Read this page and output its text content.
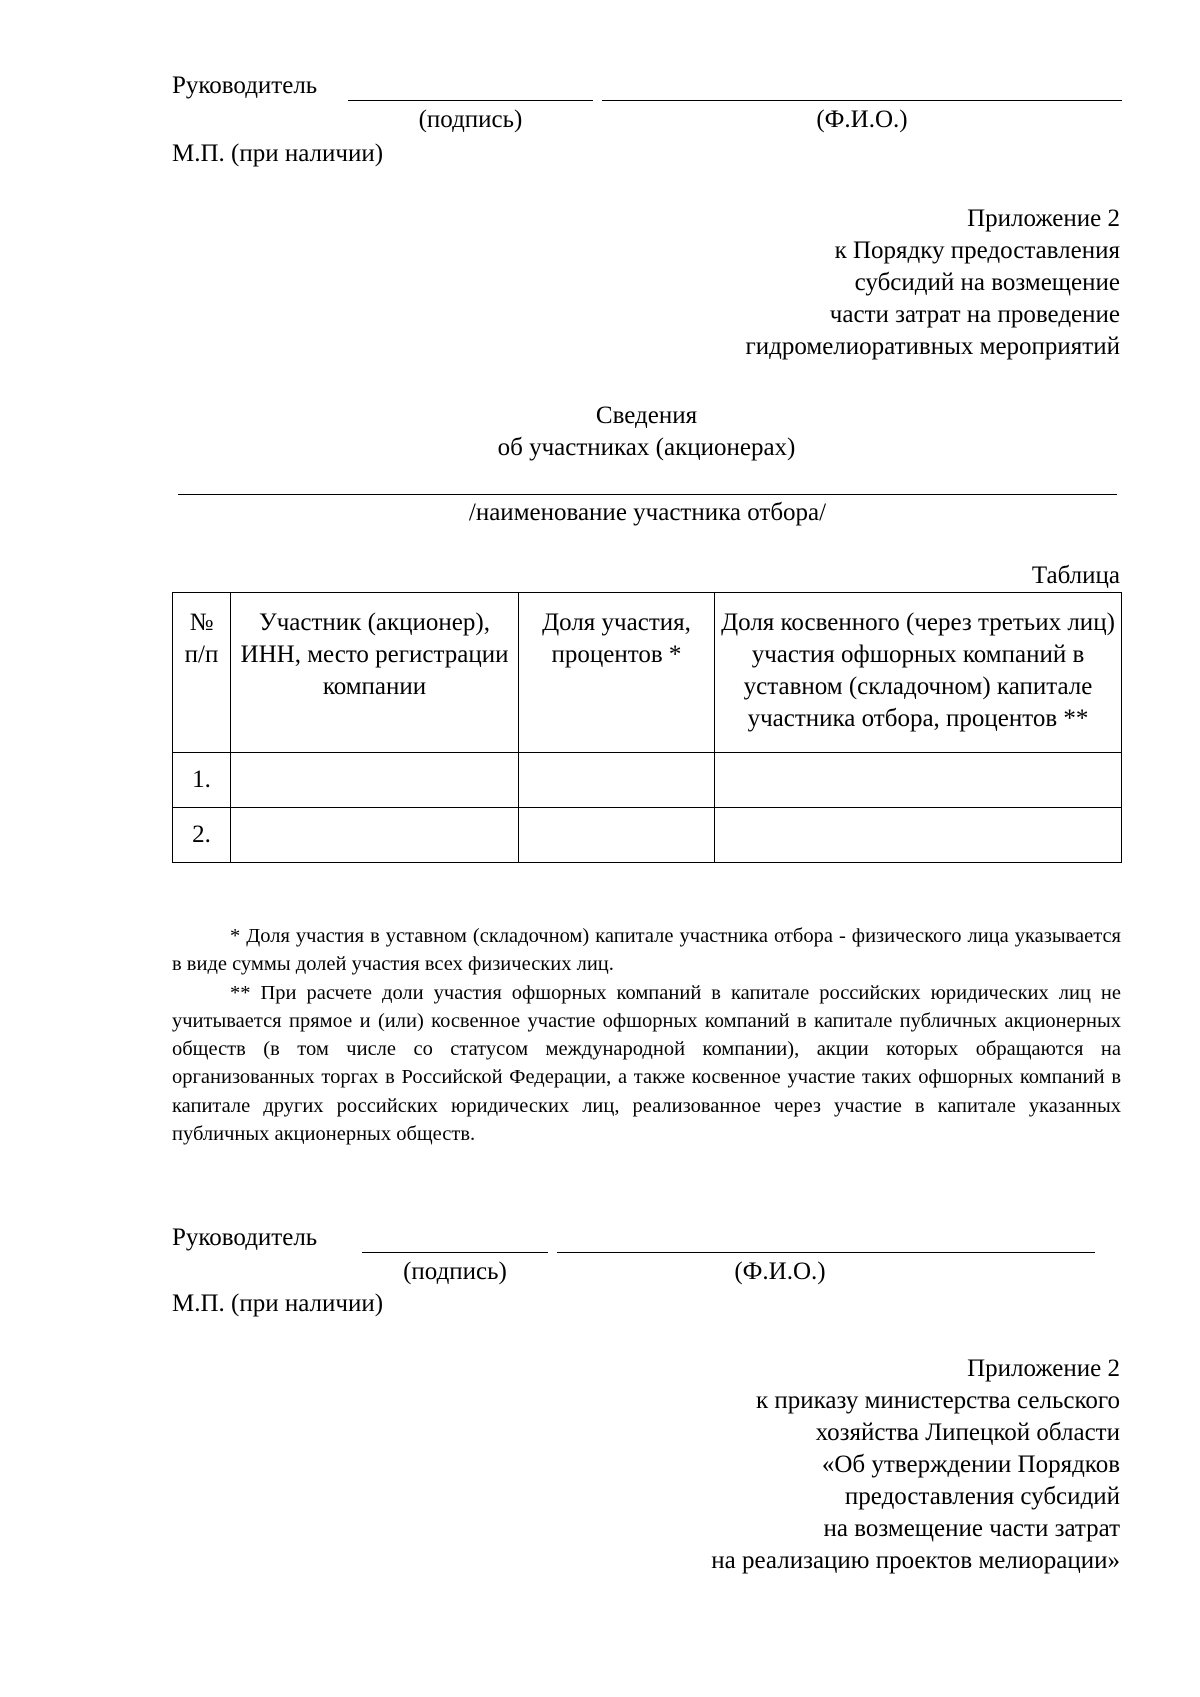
Руководитель
(подпись)	(Ф.И.О.)
М.П. (при наличии)
Приложение 2
к Порядку предоставления
субсидий на возмещение
части затрат на проведение
гидромелиоративных мероприятий
Сведения
об участниках (акционерах)
/наименование участника отбора/
Таблица
№ п/п	Участник (акционер), ИНН, место регистрации компании	Доля участия, процентов *	Доля косвенного (через третьих лиц) участия офшорных компаний в уставном (складочном) капитале участника отбора, процентов **
1.			
2.			

* Доля участия в уставном (складочном) капитале участника отбора - физического лица указывается в виде суммы долей участия всех физических лиц.

** При расчете доли участия офшорных компаний в капитале российских юридических лиц не учитывается прямое и (или) косвенное участие офшорных компаний в капитале публичных акционерных обществ (в том числе со статусом международной компании), акции которых обращаются на организованных торгах в Российской Федерации, а также косвенное участие таких офшорных компаний в капитале других российских юридических лиц, реализованное через участие в капитале указанных публичных акционерных обществ.

Руководитель
(подпись)	(Ф.И.О.)
М.П. (при наличии)
Приложение 2
к приказу министерства сельского
хозяйства Липецкой области
«Об утверждении Порядков
предоставления субсидий
на возмещение части затрат
на реализацию проектов мелиорации»
